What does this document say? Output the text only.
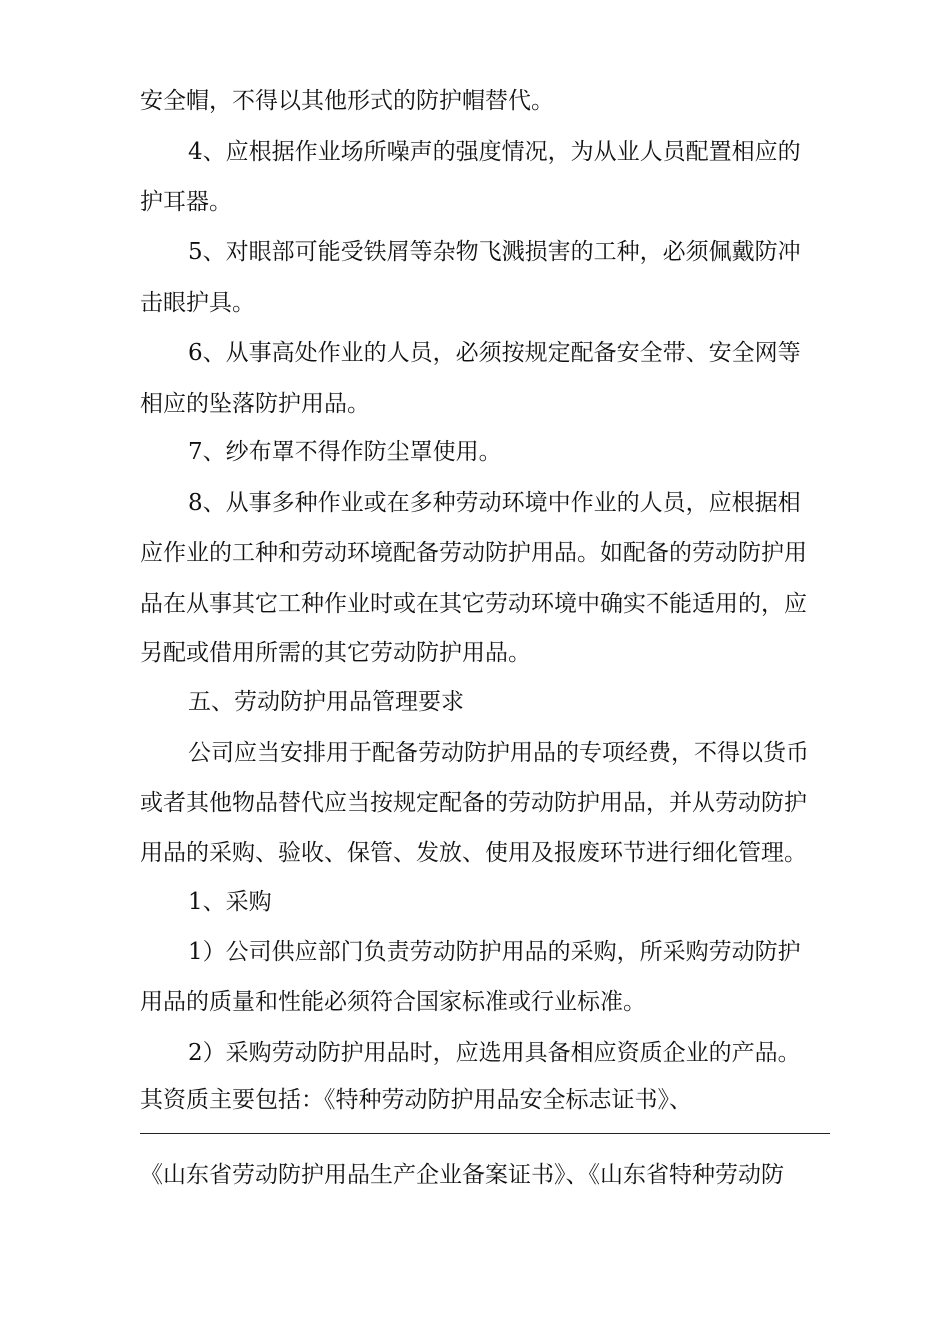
安全帽，不得以其他形式的防护帽替代。
4、应根据作业场所噪声的强度情况，为从业人员配置相应的
护耳器。
5、对眼部可能受铁屑等杂物飞溅损害的工种，必须佩戴防冲
击眼护具。
6、从事高处作业的人员，必须按规定配备安全带、安全网等
相应的坠落防护用品。
7、纱布罩不得作防尘罩使用。
8、从事多种作业或在多种劳动环境中作业的人员，应根据相
应作业的工种和劳动环境配备劳动防护用品。如配备的劳动防护用
品在从事其它工种作业时或在其它劳动环境中确实不能适用的，应
另配或借用所需的其它劳动防护用品。
五、劳动防护用品管理要求
公司应当安排用于配备劳动防护用品的专项经费，不得以货币
或者其他物品替代应当按规定配备的劳动防护用品，并从劳动防护
用品的采购、验收、保管、发放、使用及报废环节进行细化管理。
1、采购
1）公司供应部门负责劳动防护用品的采购，所采购劳动防护
用品的质量和性能必须符合国家标准或行业标准。
2）采购劳动防护用品时，应选用具备相应资质企业的产品。
其资质主要包括：《特种劳动防护用品安全标志证书》、
《山东省劳动防护用品生产企业备案证书》、《山东省特种劳动防
